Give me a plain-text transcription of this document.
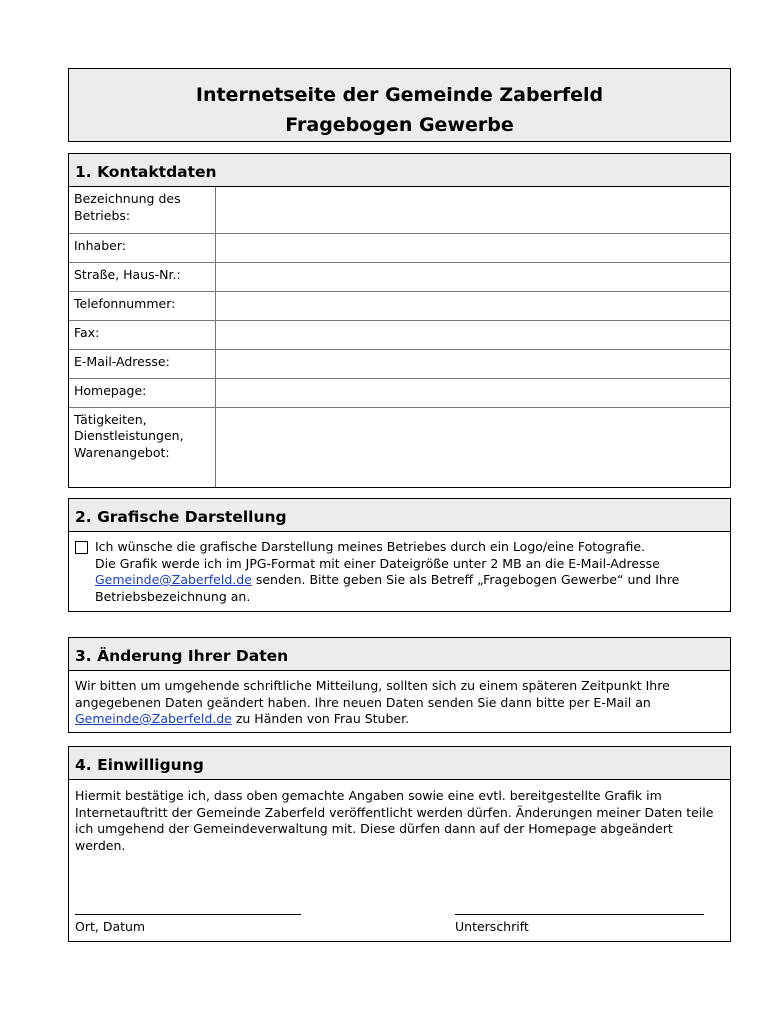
Internetseite der Gemeinde Zaberfeld
Fragebogen Gewerbe
1. Kontaktdaten
Bezeichnung des Betriebs:	
Inhaber:	
Straße, Haus-Nr.:	
Telefonnummer:	
Fax:	
E-Mail-Adresse:	
Homepage:	
Tätigkeiten, Dienstleistungen, Warenangebot:	
2. Grafische Darstellung
Ich wünsche die grafische Darstellung meines Betriebes durch ein Logo/eine Fotografie.
Die Grafik werde ich im JPG-Format mit einer Dateigröße unter 2 MB an die E-Mail-Adresse Gemeinde@Zaberfeld.de senden. Bitte geben Sie als Betreff „Fragebogen Gewerbe“ und Ihre Betriebsbezeichnung an.
3. Änderung Ihrer Daten
Wir bitten um umgehende schriftliche Mitteilung, sollten sich zu einem späteren Zeitpunkt Ihre angegebenen Daten geändert haben. Ihre neuen Daten senden Sie dann bitte per E-Mail an Gemeinde@Zaberfeld.de zu Händen von Frau Stuber.
4. Einwilligung
Hiermit bestätige ich, dass oben gemachte Angaben sowie eine evtl. bereitgestellte Grafik im Internetauftritt der Gemeinde Zaberfeld veröffentlicht werden dürfen. Änderungen meiner Daten teile ich umgehend der Gemeindeverwaltung mit. Diese dürfen dann auf der Homepage abgeändert werden.
Ort, Datum	Unterschrift
